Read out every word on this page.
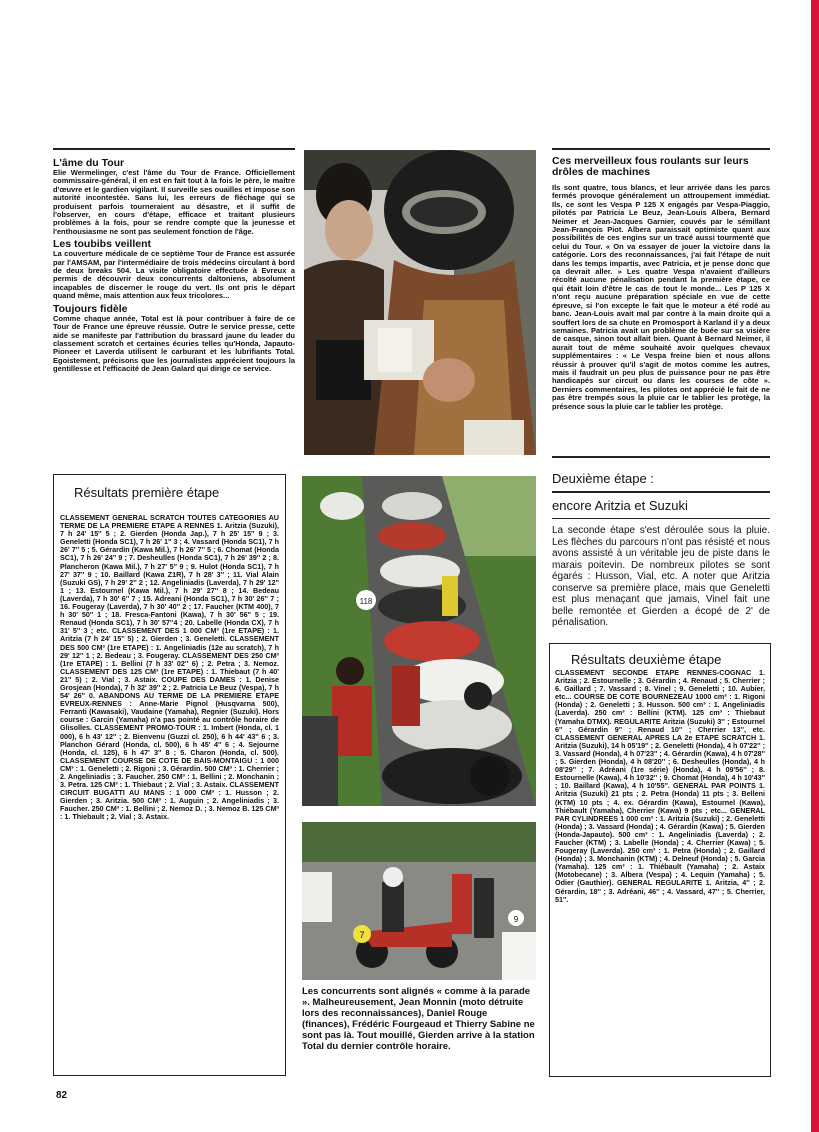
L'âme du Tour

Elie Wermelinger, c'est l'âme du Tour de France. Officiellement commissaire-général, il en est en fait tout à la fois le père, le maître d'œuvre et le gardien vigilant. Il surveille ses ouailles et impose son autorité incontestée. Sans lui, les erreurs de fléchage qui se produisent parfois tourneraient au désastre, et il suffit de l'observer, en cours d'étape, efficace et traitant plusieurs problèmes à la fois, pour se rendre compte que la jeunesse et l'enthousiasme ne sont pas seulement fonction de l'âge.

Les toubibs veillent

La couverture médicale de ce septième Tour de France est assurée par l'AMSAM, par l'intermédiaire de trois médecins circulant à bord de deux breaks 504. La visite obligatoire effectuée à Evreux a permis de découvrir deux concurrents daltoniens, absolument incapables de discerner le rouge du vert. Ils ont pris le départ quand même, mais attention aux feux tricolores...

Toujours fidèle

Comme chaque année, Total est là pour contribuer à faire de ce Tour de France une épreuve réussie. Outre le service presse, cette aide se manifeste par l'attribution du brassard jaune du leader du classement scratch et certaines écuries telles qu'Honda, Japauto-Pioneer et Laverda utilisent le carburant et les lubrifiants Total. Egoistement, précisons que les journalistes apprécient toujours la gentillesse et l'efficacité de Jean Galard qui dirige ce service.

Ces merveilleux fous roulants sur leurs drôles de machines

Ils sont quatre, tous blancs, et leur arrivée dans les parcs fermés provoque généralement un attroupement immédiat. Ils, ce sont les Vespa P 125 X engagés par Vespa-Piaggio, pilotés par Patricia Le Beuz, Jean-Louis Albera, Bernard Neimer et Jean-Jacques Garnier, couvés par le sémillant Jean-François Piot. Albera paraissait optimiste quant aux possibilités de ces engins sur un tracé aussi tourmenté que celui du Tour. « On va essayer de jouer la victoire dans la catégorie. Lors des reconnaissances, j'ai fait l'étape de nuit dans les temps impartis, avec Patricia, et je pense donc que ça devrait aller. » Les quatre Vespa n'avaient d'ailleurs récolté aucune pénalisation pendant la première étape, ce qui était loin d'être le cas de tout le monde... Les P 125 X n'ont reçu aucune préparation spéciale en vue de cette épreuve, si l'on excepte le fait que le moteur a été rodé au banc. Jean-Louis avait mal par contre à la main droite qui a souffert lors de sa chute en Promosport à Karland il y a deux semaines. Patricia avait un problème de buée sur sa visière de casque, sinon tout allait bien. Quant à Bernard Neimer, il aurait tout de même souhaité avoir quelques chevaux supplémentaires : « Le Vespa freine bien et nous allons réussir à prouver qu'il s'agit de motos comme les autres, mais il faudrait un peu plus de puissance pour ne pas être handicapés sur circuit ou dans les courses de côte ». Derniers commentaires, les pilotes ont apprécié le fait de ne pas être trempés sous la pluie car le tablier les protège, la présence sous la pluie car le tablier les protège.

Résultats première étape

CLASSEMENT GENERAL SCRATCH TOUTES CATEGORIES AU TERME DE LA PREMIERE ETAPE A RENNES 1. Aritzia (Suzuki), 7 h 24' 15'' 5 ; 2. Gierden (Honda Jap.), 7 h 25' 15'' 9 ; 3. Geneletti (Honda SC1), 7 h 26' 1'' 3 ; 4. Vassard (Honda SC1), 7 h 26' 7'' 5 ; 5. Gérardin (Kawa Mil.), 7 h 26' 7'' 5 ; 6. Chomat (Honda SC1), 7 h 26' 24'' 9 ; 7. Desheulles (Honda SC1), 7 h 26' 39'' 2 ; 8. Plancheron (Kawa Mil.), 7 h 27' 5'' 9 ; 9. Hulot (Honda SC1), 7 h 27' 37'' 9 ; 10. Baillard (Kawa Z1R), 7 h 28' 3'' ; 11. Vial Alain (Suzuki GS), 7 h 29' 2'' 2 ; 12. Angeliniadis (Laverda), 7 h 29' 12'' 1 ; 13. Estournel (Kawa Mil.), 7 h 29' 27'' 8 ; 14. Bedeau (Laverda), 7 h 30' 6'' 7 ; 15. Adreani (Honda SC1), 7 h 30' 26'' 7 ; 16. Fougeray (Laverda), 7 h 30' 40'' 2 ; 17. Faucher (KTM 400), 7 h 30' 50'' 1 ; 18. Fresca-Fantoni (Kawa), 7 h 30' 56'' 5 ; 19. Renaud (Honda SC1), 7 h 30' 57''4 ; 20. Labelle (Honda CX), 7 h 31' 5'' 3 ; etc. CLASSEMENT DES 1 000 CM³ (1re ETAPE) : 1. Aritzia (7 h 24' 15'' 5) ; 2. Gierden ; 3. Geneletti. CLASSEMENT DES 500 CM³ (1re ETAPE) : 1. Angeliniadis (12e au scratch), 7 h 29' 12'' 1 ; 2. Bedeau ; 3. Fougeray. CLASSEMENT DES 250 CM³ (1re ETAPE) : 1. Bellini (7 h 33' 02'' 6) ; 2. Petra ; 3. Nemoz. CLASSEMENT DES 125 CM³ (1re ETAPE) : 1. Thiebaut (7 h 40' 21'' 5) ; 2. Vial ; 3. Astaix. COUPE DES DAMES : 1. Denise Grosjean (Honda), 7 h 32' 39'' 2 ; 2. Patricia Le Beuz (Vespa), 7 h 54' 26'' 0. ABANDONS AU TERME DE LA PREMIERE ETAPE EVREUX-RENNES : Anne-Marie Pignol (Husqvarna 500), Ferranti (Kawasaki), Vaudaine (Yamaha), Regnier (Suzuki). Hors course : Garcin (Yamaha) n'a pas pointé au contrôle horaire de Glisolles. CLASSEMENT PROMO-TOUR : 1. Imbert (Honda, cl. 1 000), 6 h 43' 12'' ; 2. Bienvenu (Guzzi cl. 250), 6 h 44' 43'' 6 ; 3. Planchon Gérard (Honda, cl. 500), 6 h 45' 4'' 6 ; 4. Sejourne (Honda, cl. 125), 6 h 47' 3'' 8 ; 5. Charon (Honda, cl. 500). CLASSEMENT COURSE DE COTE DE BAIS-MONTAIGU : 1 000 CM³ : 1. Geneletti ; 2. Rigoni ; 3. Gérardin. 500 CM³ : 1. Cherrier ; 2. Angeliniadis ; 3. Faucher. 250 CM³ : 1. Bellini ; 2. Monchanin ; 3. Petra. 125 CM³ : 1. Thiebaut ; 2. Vial ; 3. Astaix. CLASSEMENT CIRCUIT BUGATTI AU MANS : 1 000 CM³ : 1. Husson ; 2. Gierden ; 3. Aritzia. 500 CM³ : 1. Auguin ; 2. Angeliniadis ; 3. Faucher. 250 CM³ : 1. Bellini ; 2. Nemoz D. ; 3. Nemoz B. 125 CM³ : 1. Thiebault ; 2. Vial ; 3. Astaix.

118
7
9

Les concurrents sont alignés « comme à la parade ». Malheureusement, Jean Monnin (moto détruite lors des reconnaissances), Daniel Rouge (finances), Frédéric Fourgeaud et Thierry Sabine ne sont pas là. Tout mouillé, Gierden arrive à la station Total du dernier contrôle horaire.

Deuxième étape :
encore Aritzia et Suzuki

La seconde étape s'est déroulée sous la pluie. Les flèches du parcours n'ont pas résisté et nous avons assisté à un véritable jeu de piste dans le marais poitevin. De nombreux pilotes se sont égarés : Husson, Vial, etc. A noter que Aritzia conserve sa première place, mais que Geneletti est plus menaçant que jamais, Vinel fait une belle remontée et Gierden a écopé de 2' de pénalisation.

Résultats deuxième étape

CLASSEMENT SECONDE ETAPE RENNES-COGNAC 1. Aritzia ; 2. Estournelle ; 3. Gérardin ; 4. Renaud ; 5. Cherrier ; 6. Gaillard ; 7. Vassard ; 8. Vinel ; 9. Geneletti ; 10. Aubier, etc... COURSE DE COTE BOURNEZEAU 1000 cm³ : 1. Rigoni (Honda) ; 2. Geneletti ; 3. Husson. 500 cm³ : 1. Angeliniadis (Laverda). 250 cm³ : Bellini (KTM). 125 cm³ : Thiebaut (Yamaha DTMX). REGULARITE Aritzia (Suzuki) 3'' ; Estournel 6'' ; Gérardin 9'' ; Renaud 10'' ; Cherrier 13'', etc. CLASSEMENT GENERAL APRES LA 2e ETAPE SCRATCH 1. Aritzia (Suzuki), 14 h 05'19'' ; 2. Geneletti (Honda), 4 h 07'22'' ; 3. Vassard (Honda), 4 h 07'23'' ; 4. Gérardin (Kawa), 4 h 07'28'' ; 5. Gierden (Honda), 4 h 08'20'' ; 6. Desheulles (Honda), 4 h 08'29'' ; 7. Adréani (1re série) (Honda), 4 h 09'56'' ; 8. Estournelle (Kawa), 4 h 10'32'' ; 9. Chomat (Honda), 4 h 10'43'' ; 10. Baillard (Kawa), 4 h 10'55''. GENERAL PAR POINTS 1. Aritzia (Suzuki) 21 pts ; 2. Petra (Honda) 11 pts ; 3. Belleni (KTM) 10 pts ; 4. ex. Gérardin (Kawa), Estournel (Kawa), Thiébault (Yamaha), Cherrier (Kawa) 9 pts ; etc... GENERAL PAR CYLINDREES 1 000 cm³ : 1. Aritzia (Suzuki) ; 2. Geneletti (Honda) ; 3. Vassard (Honda) ; 4. Gérardin (Kawa) ; 5. Gierden (Honda-Japauto). 500 cm³ : 1. Angeliniadis (Laverda) ; 2. Faucher (KTM) ; 3. Labelle (Honda) ; 4. Cherrier (Kawa) ; 5. Fougeray (Laverda). 250 cm³ : 1. Petra (Honda) ; 2. Gaillard (Honda) ; 3. Monchanin (KTM) ; 4. Delneuf (Honda) ; 5. Garcia (Yamaha). 125 cm³ : 1. Thiébault (Yamaha) ; 2. Astaix (Motobecane) ; 3. Albera (Vespa) ; 4. Lequin (Yamaha) ; 5. Odier (Gauthier). GENERAL REGULARITE 1. Aritzia, 4'' ; 2. Gérardin, 18'' ; 3. Adréani, 46'' ; 4. Vassard, 47'' ; 5. Cherrier, 51''.

82
